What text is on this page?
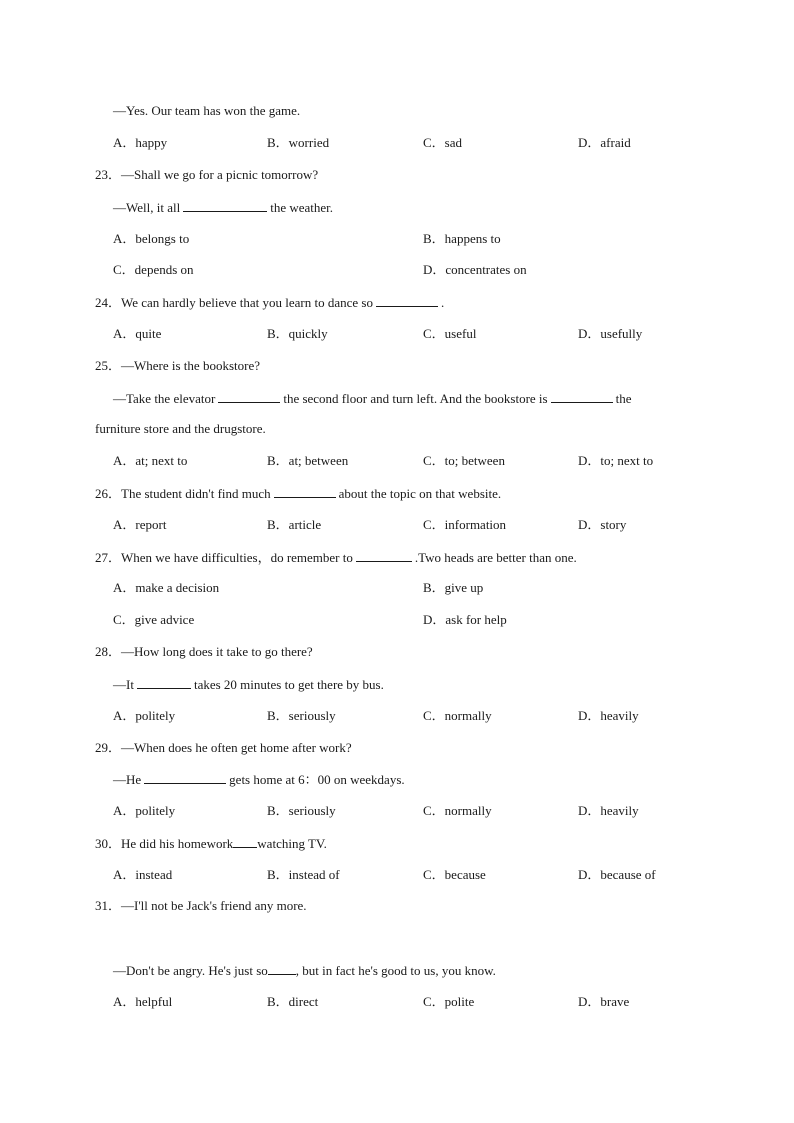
—Yes. Our team has won the game.
A．happy	B．worried	C．sad	D．afraid
23．—Shall we go for a picnic tomorrow?
—Well, it all	the weather.
A．belongs to	B．happens to
C．depends on	D．concentrates on
24．We can hardly believe that you learn to dance so	.
A．quite	B．quickly	C．useful	D．usefully
25．—Where is the bookstore?
—Take the elevator	the second floor and turn left. And the bookstore is	the
furniture store and the drugstore.
A．at; next to	B．at; between	C．to; between	D．to; next to
26．The student didn't find much	about the topic on that website.
A．report	B．article	C．information	D．story
27．When we have difficulties，do remember to	.Two heads are better than one.
A．make a decision	B．give up
C．give advice	D．ask for help
28．—How long does it take to go there?
—It	takes 20 minutes to get there by bus.
A．politely	B．seriously	C．normally	D．heavily
29．—When does he often get home after work?
—He	gets home at 6：00 on weekdays.
A．politely	B．seriously	C．normally	D．heavily
30．He did his homework watching TV.
A．instead	B．instead of	C．because	D．because of
31．—I'll not be Jack's friend any more.
—Don't be angry. He's just so , but in fact he's good to us, you know.
A．helpful	B．direct	C．polite	D．brave
